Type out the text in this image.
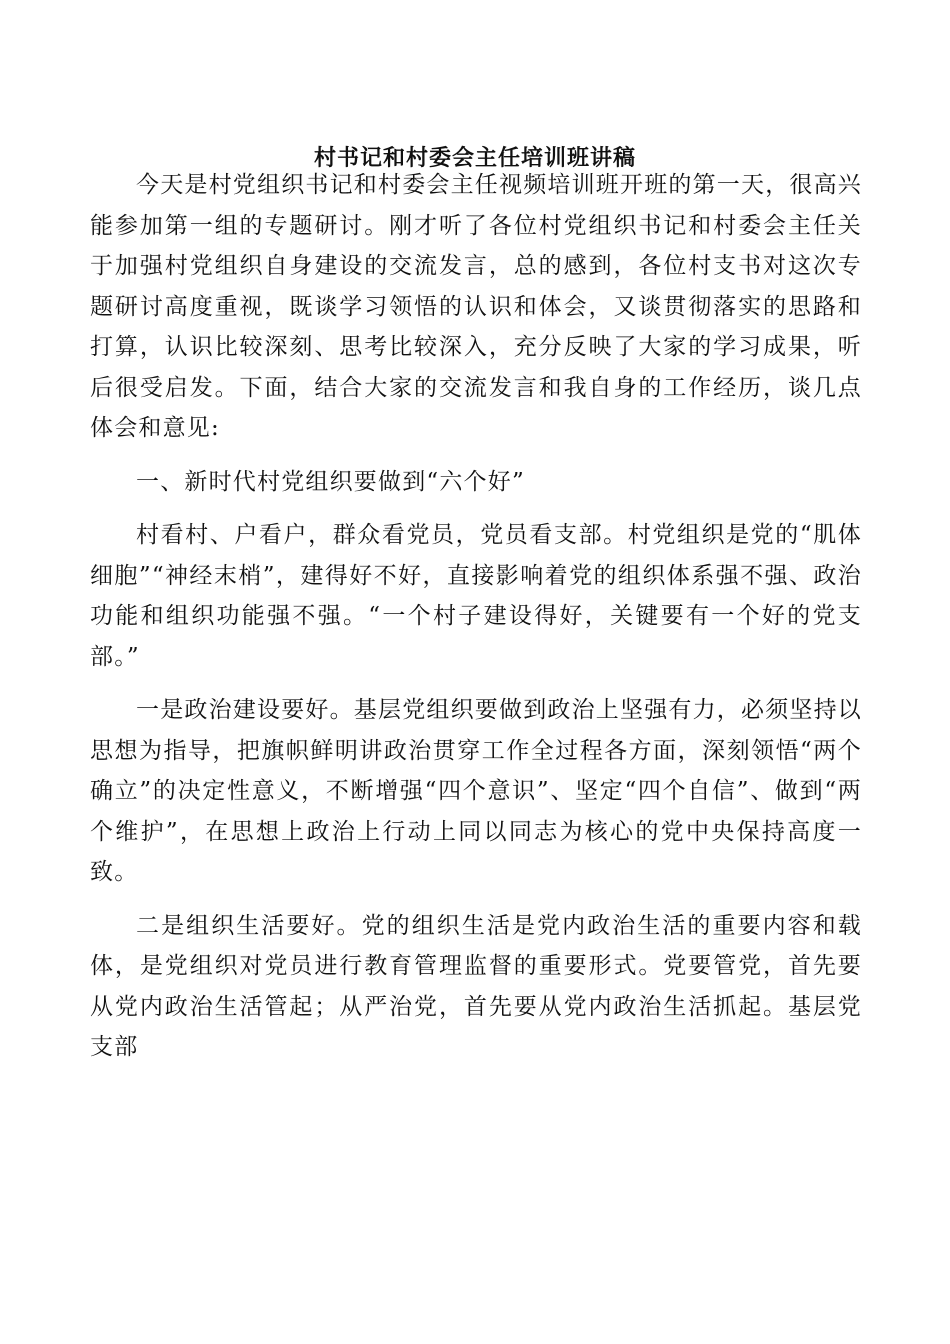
村书记和村委会主任培训班讲稿

今天是村党组织书记和村委会主任视频培训班开班的第一天，很高兴能参加第一组的专题研讨。刚才听了各位村党组织书记和村委会主任关于加强村党组织自身建设的交流发言，总的感到，各位村支书对这次专题研讨高度重视，既谈学习领悟的认识和体会，又谈贯彻落实的思路和打算，认识比较深刻、思考比较深入，充分反映了大家的学习成果，听后很受启发。下面，结合大家的交流发言和我自身的工作经历，谈几点体会和意见:

一、新时代村党组织要做到“六个好”

村看村、户看户，群众看党员，党员看支部。村党组织是党的“肌体细胞”“神经末梢”，建得好不好，直接影响着党的组织体系强不强、政治功能和组织功能强不强。“一个村子建设得好，关键要有一个好的党支部。”

一是政治建设要好。基层党组织要做到政治上坚强有力，必须坚持以思想为指导，把旗帜鲜明讲政治贯穿工作全过程各方面，深刻领悟“两个确立”的决定性意义，不断增强“四个意识”、坚定“四个自信”、做到“两个维护”，在思想上政治上行动上同以同志为核心的党中央保持高度一致。

二是组织生活要好。党的组织生活是党内政治生活的重要内容和载体，是党组织对党员进行教育管理监督的重要形式。党要管党，首先要从党内政治生活管起；从严治党，首先要从党内政治生活抓起。基层党支部
